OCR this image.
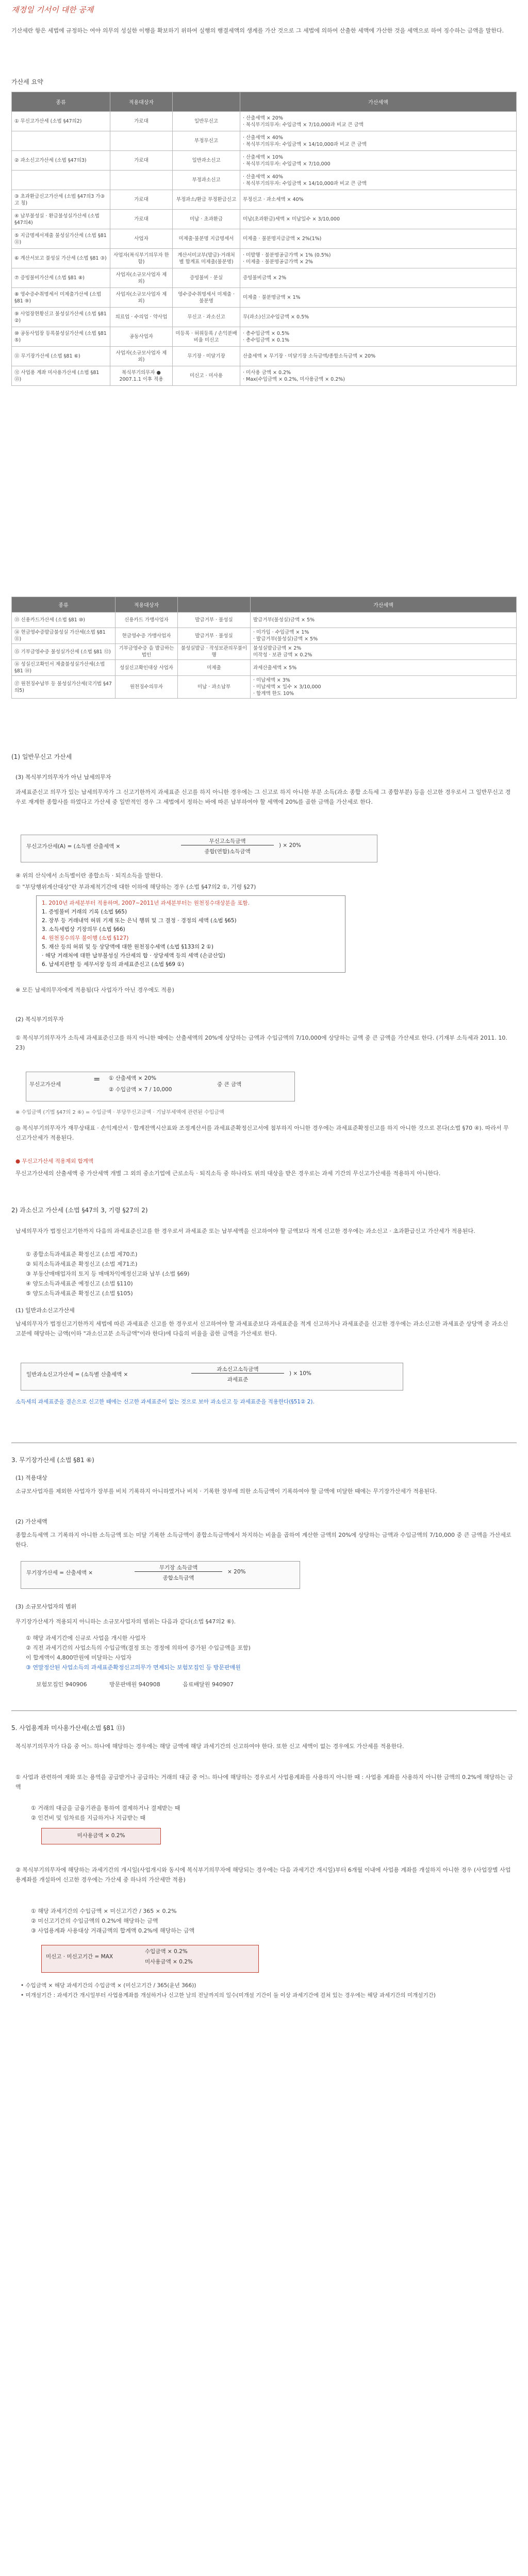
재정일 기서이 대한 공제
기산세란 항은 세법에 규정하는 여야 의무의 성실한 이행을 확보하기 위하여 실행의 행결세액의 생계를 가산 것으로 그 세법에 의하여 산출한 세액에 가산한 것을 세액으로 하여 징수하는 금액을 말한다.
가산세 요약
종류	적용대상자		가산세액
① 무신고가산세 (소법 §47의2)	가로대	일반무신고	· 산출세액 × 20%
· 복식부기의무자: 수입금액 × 7/10,000과 비교 큰 금액
		부정무신고	· 산출세액 × 40%
· 복식부기의무자: 수입금액 × 14/10,000과 비교 큰 금액
② 과소신고가산세 (소법 §47의3)	가로대	일반과소신고	· 산출세액 × 10%
· 복식부기의무자: 수입금액 × 7/10,000
		부정과소신고	· 산출세액 × 40%
· 복식부기의무자: 수입금액 × 14/10,000과 비교 큰 금액
③ 초과환급신고가산세 (소법 §47의3 가③ 고 칭)	가로대	부정과소/환급 부정환급신고	부정신고 · 과소세액 × 40%
④ 납부불성실 · 환급불성실가산세 (소법 §47의4)	가로대	미납 · 초과환급	미납(초과환급)세액 × 미납일수 × 3/10,000
⑤ 지급명세서제출 불성실가산세 (소법 §81 ⑪)	사업자	미제출·불분명 지급명세서	미제출 · 불분명지급금액 × 2%(1%)
⑥ 계산서보고 불성실 가산세 (소법 §81 ③)	사업자(복식부기의무자 한함)	계산서미교부(발급)·거래처별 합계표 미제출(불분명)	· 미발행 · 불분명공급가액 × 1% (0.5%)
· 미제출 · 불분명공급가액 × 2%
⑦ 증빙불비가산세 (소법 §81 ⑧)	사업자(소규모사업자 제외)	증빙불비 · 분실	증빙불비금액 × 2%
⑧ 영수증수취명세서 미제출가산세 (소법 §81 ⑨)	사업자(소규모사업자 제외)	영수증수취명세서 미제출 · 불분명	미제출 · 불분명금액 × 1%
⑨ 사업장현황신고 불성실가산세 (소법 §81 ②)	의료업 · 수의업 · 약사업	무신고 · 과소신고	무(과소)신고수입금액 × 0.5%
⑩ 공동사업장 등록불성실가산세 (소법 §81 ⑤)	공동사업자	미등록 · 허위등록 / 손익분배비율 미신고	· 총수입금액 × 0.5%
· 총수입금액 × 0.1%
⑪ 무기장가산세 (소법 §81 ⑥)	사업자(소규모사업자 제외)	무기장 · 미달기장	산출세액 × 무기장 · 미달기장 소득금액/종합소득금액 × 20%
⑫ 사업용 계좌 미사용가산세 (소법 §81 ⑬)	복식부기의무자 ● 2007.1.1 이후 적용	미신고 · 미사용	· 미사용 금액 × 0.2%
· Max(수입금액 × 0.2%, 미사용금액 × 0.2%)
종류	적용대상자		가산세액
⑬ 신용카드가산세 (소법 §81 ⑩)	신용카드 가맹사업자	발급거부 · 불성실	발급거부(불성실)금액 × 5%
⑭ 현금영수증발급불성실 가산세(소법 §81 ⑪)	현금영수증 가맹사업자	발급거부 · 불성실	· 미가입 · 수입금액 × 1%
· 발급거부(불성실)금액 × 5%
⑮ 기부금영수증 불성실가산세 (소법 §81 ⑫)	기부금영수증 을 발급하는 법인	불성실발급 · 작성보관의무불이행	불성실발급금액 × 2%
미작성 · 보관 금액 × 0.2%
⑯ 성실신고확인서 제출불성실가산세(소법 §81 ⑭)	성실신고확인대상 사업자	미제출	과세산출세액 × 5%
⑰ 원천징수납부 등 불성실가산세(국기법 §47의5)	원천징수의무자	미납 · 과소납부	· 미납세액 × 3%
· 미납세액 × 일수 × 3/10,000
· 합계액 한도 10%
(1) 일반무신고 가산세
(3) 복식부기의무자가 아닌 납세의무자
과세표준신고 의무가 있는 납세의무자가 그 신고기한까지 과세표준 신고를 하지 아니한 경우에는 그 신고로 하지 아니한 부분 소득(과소 종합 소득세 그 종합부분) 등을 신고한 경우로서 그 일반무신고 경우로 재계한 종합사를 하였다고 가산세 중 일반적인 경우 그 세법에서 정하는 바에 따른 납부하여야 할 세액에 20%를 곱한 금액을 가산세로 한다.
무신고가산세(A) = (소득별 산출세액 ×
무신고소득금액
종합(연합)소득금액
) × 20%
④ 위의 산식에서 소득별이란 종합소득 · 퇴직소득을 말한다.
① "부당행위계산대상"란 부과제척기간에 대한 이하에 해당하는 경우 (소법 §47의2 ①, 기령 §27)
1. 2010년 과세분부터 적용하며, 2007~2011년 과세분부터는 원천징수대상분을 포함.
1. 증빙불비 거래의 기록 (소법 §65)
2. 장부 등 거래내역 허위 기재 또는 은닉 행위 및 그 결정 · 경정의 세액 (소법 §65)
3. 소득세법상 기장의무 (소법 §66)
4. 원천징수의무 불이행 (소법 §127)
5. 재산 등의 허위 및 등 상당액에 대한 원천징수세액 (소법 §133의 2 ①)
· 해당 거래처에 대한 납부불성실 가산세의 합 · 상당세액 등의 세액 (손금산입)
6. 납세지관할 등 세무서장 등의 과세표준신고 (소법 §69 ①)
※ 모든 납세의무자에게 적용됨(다 사업자가 아닌 경우에도 적용)
(2) 복식부기의무자
① 복식부기의무자가 소득세 과세표준신고를 하지 아니한 때에는 산출세액의 20%에 상당하는 금액과 수입금액의 7/10,000에 상당하는 금액 중 큰 금액을 가산세로 한다. (기재부 소득세과 2011. 10. 23)
무신고가산세
= ① 산출세액 × 20%
② 수입금액 × 7 / 10,000
중 큰 금액
※ 수입금액 (기법 §47의 2 ⑥) = 수입금액 · 부당무신고금액 · 기납부세액에 관련된 수입금액
◎ 복식부기의무자가 재무상태표 · 손익계산서 · 합계잔액시산표와 조정계산서를 과세표준확정신고서에 첨부하지 아니한 경우에는 과세표준확정신고를 하지 아니한 것으로 본다(소법 §70 ④). 따라서 무신고가산세가 적용된다.
● 무신고가산세 적용제외 합계액
무신고가산세의 산출세액 중 가산세액 개별 그 외의 중소기업에 근로소득 · 퇴직소득 중 하나라도 위의 대상을 받은 경우로는 과세 기간의 무신고가산세를 적용하지 아니한다.
2) 과소신고 가산세 (소법 §47의 3, 기령 §27의 2)
납세의무자가 법정신고기한까지 다음의 과세표준신고를 한 경우로서 과세표준 또는 납부세액을 신고하여야 할 금액보다 적게 신고한 경우에는 과소신고 · 초과환급신고 가산세가 적용된다.
① 종합소득과세표준 확정신고 (소법 제70조)
② 퇴직소득과세표준 확정신고 (소법 제71조)
③ 부동산매매업자의 토지 등 매매차익예정신고와 납부 (소법 §69)
④ 양도소득과세표준 예정신고 (소법 §110)
⑤ 양도소득과세표준 확정신고 (소법 §105)
(1) 일반과소신고가산세
납세의무자가 법정신고기한까지 세법에 따른 과세표준 신고를 한 경우로서 신고하여야 할 과세표준보다 과세표준을 적게 신고하거나 과세표준을 신고한 경우에는 과소신고한 과세표준 상당액 중 과소신고분에 해당하는 금액(이하 "과소신고분 소득금액"이라 한다)에 다음의 비율을 곱한 금액을 가산세로 한다.
일반과소신고가산세 = (소득별 산출세액 ×
과소신고소득금액
과세표준
) × 10%
소득세의 과세표준을 결손으로 신고한 때에는 신고한 과세표준이 없는 것으로 보아 과소신고 등 과세표준을 적용한다(§51② 2).
3. 무기장가산세 (소법 §81 ⑥)
(1) 적용대상
소규모사업자를 제외한 사업자가 장부를 비치 기록하지 아니하였거나 비치 · 기록한 장부에 의한 소득금액이 기록하여야 할 금액에 미달한 때에는 무기장가산세가 적용된다.
(2) 가산세액
종합소득세액 그 기록하지 아니한 소득금액 또는 미달 기록한 소득금액이 종합소득금액에서 차지하는 비율을 곱하여 계산한 금액의 20%에 상당하는 금액과 수입금액의 7/10,000 중 큰 금액을 가산세로 한다.
무기장가산세 = 산출세액 ×
무기장 소득금액
종합소득금액
× 20%
(3) 소규모사업자의 범위
무기장가산세가 적용되지 아니하는 소규모사업자의 범위는 다음과 같다(소법 §47의2 ⑥).
① 해당 과세기간에 신규로 사업을 개시한 사업자
② 직전 과세기간의 사업소득의 수입금액(결정 또는 경정에 의하여 증가된 수입금액을 포함)
이 합계액이 4,800만원에 미달하는 사업자
③ 연말정산된 사업소득의 과세표준확정신고의무가 면제되는 보험모집인 등 방문판매원
보험모집인 940906	방문판매원 940908	음료배달원 940907
5. 사업용계좌 미사용가산세(소법 §81 ⑬)
복식부기의무자가 다음 중 어느 하나에 해당하는 경우에는 해당 금액에 해당 과세기간의 신고하여야 한다. 또한 신고 세액이 없는 경우에도 가산세를 적용한다.
① 사업과 관련하여 재화 또는 용역을 공급받거나 공급하는 거래의 대금 중 어느 하나에 해당하는 경우로서 사업용계좌를 사용하지 아니한 때 : 사업용 계좌를 사용하지 아니한 금액의 0.2%에 해당하는 금액
① 거래의 대금을 금융기관을 통하여 결제하거나 결제받는 때
② 인건비 및 임차료를 지급하거나 지급받는 때
미사용금액 × 0.2%
② 복식부기의무자에 해당하는 과세기간의 개시일(사업개시와 동시에 복식부기의무자에 해당되는 경우에는 다음 과세기간 개시일)부터 6개월 이내에 사업용 계좌를 개설하지 아니한 경우 (사업장별 사업용계좌를 개설하여 신고한 경우에는 가산세 중 하나의 가산세만 적용)
① 해당 과세기간의 수입금액 × 미신고기간 / 365 × 0.2%
② 미신고기간의 수입금액의 0.2%에 해당하는 금액
③ 사업용계좌 사용대상 거래금액의 합계액 0.2%에 해당하는 금액
미신고 · 미신고기간 = MAX
수입금액 × 0.2%
미사용금액 × 0.2%
• 수입금액 × 해당 과세기간의 수입금액 × (미신고기간 / 365(윤년 366))
• 미개설기간 : 과세기간 개시일부터 사업용계좌를 개설하거나 신고한 날의 전날까지의 일수(미개설 기간이 둘 이상 과세기간에 걸쳐 있는 경우에는 해당 과세기간의 미개설기간)
